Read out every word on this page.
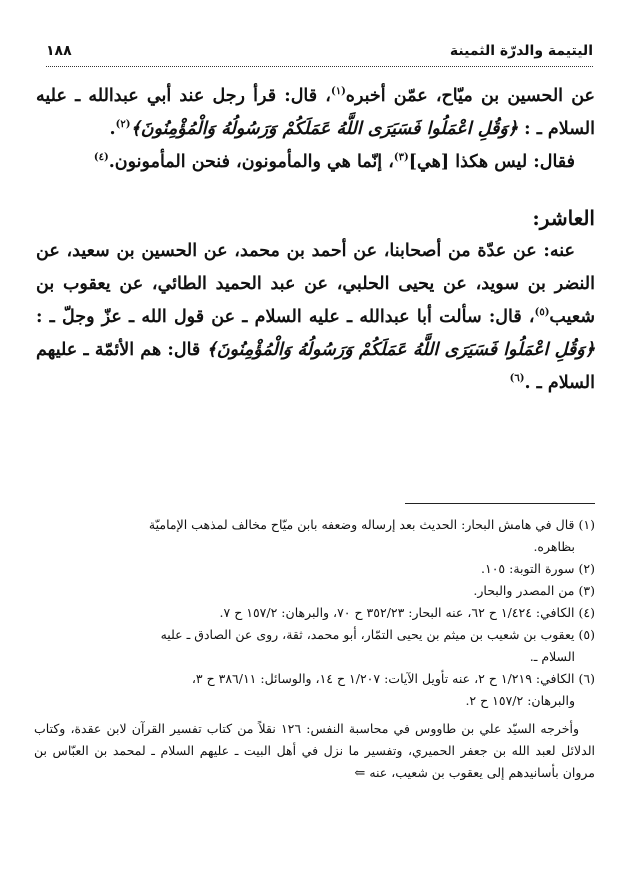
اليتيمة والدرّة الثمينة
١٨٨

عن الحسين بن ميّاح، عمّن أخبره$^{(١)}$، قال: قرأ رجل عند أبي عبدالله ـ عليه السلام ـ : ﴿وَقُلِ اعْمَلُوا فَسَيَرَى اللَّهُ عَمَلَكُمْ وَرَسُولُهُ وَالْمُؤْمِنُونَ﴾$^{(٢)}$.

فقال: ليس هكذا [هي]$^{(٣)}$، إنّما هي والمأمونون، فنحن المأمونون.$^{(٤)}$

العاشر:

عنه: عن عدّة من أصحابنا، عن أحمد بن محمد، عن الحسين بن سعيد، عن النضر بن سويد، عن يحيى الحلبي، عن عبد الحميد الطائي، عن يعقوب بن شعيب$^{(٥)}$، قال: سألت أبا عبدالله ـ عليه السلام ـ عن قول الله ـ عزّ وجلّ ـ : ﴿وَقُلِ اعْمَلُوا فَسَيَرَى اللَّهُ عَمَلَكُمْ وَرَسُولُهُ وَالْمُؤْمِنُونَ﴾ قال: هم الأئمّة ـ عليهم السلام ـ .$^{(٦)}$

(١) قال في هامش البحار: الحديث بعد إرساله وضعفه بابن ميّاح مخالف لمذهب الإماميّة
بظاهره.

(٢) سورة التوبة: ١٠٥.

(٣) من المصدر والبحار.

(٤) الكافي: ١/٤٢٤ ح ٦٢، عنه البحار: ٣٥٢/٢٣ ح ٧٠، والبرهان: ١٥٧/٢ ح ٧.

(٥) يعقوب بن شعيب بن ميثم بن يحيى التمّار، أبو محمد، ثقة، روى عن الصادق ـ عليه
السلام ـ.

(٦) الكافي: ١/٢١٩ ح ٢، عنه تأويل الآيات: ١/٢٠٧ ح ١٤، والوسائل: ٣٨٦/١١ ح ٣،
والبرهان: ١٥٧/٢ ح ٢.

وأخرجه السيّد علي بن طاووس في محاسبة النفس: ١٢٦ نقلاً من كتاب تفسير القرآن لابن عقدة، وكتاب الدلائل لعبد الله بن جعفر الحميري، وتفسير ما نزل في أهل البيت ـ عليهم السلام ـ لمحمد بن العبّاس بن مروان بأسانيدهم إلى يعقوب بن شعيب، عنه ⇐
